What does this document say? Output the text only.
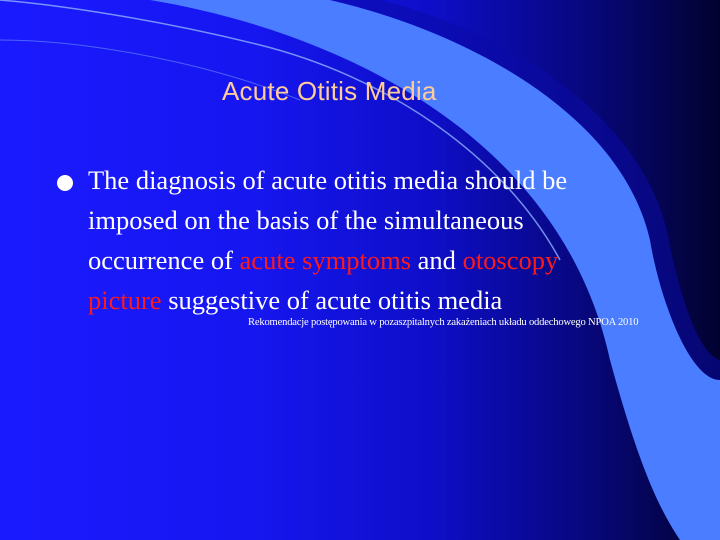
Acute Otitis Media
The diagnosis of acute otitis media should be
imposed on the basis of the simultaneous
occurrence of acute symptoms and otoscopy
picture suggestive of acute otitis media
Rekomendacje postępowania w pozaszpitalnych zakażeniach układu oddechowego NPOA 2010
